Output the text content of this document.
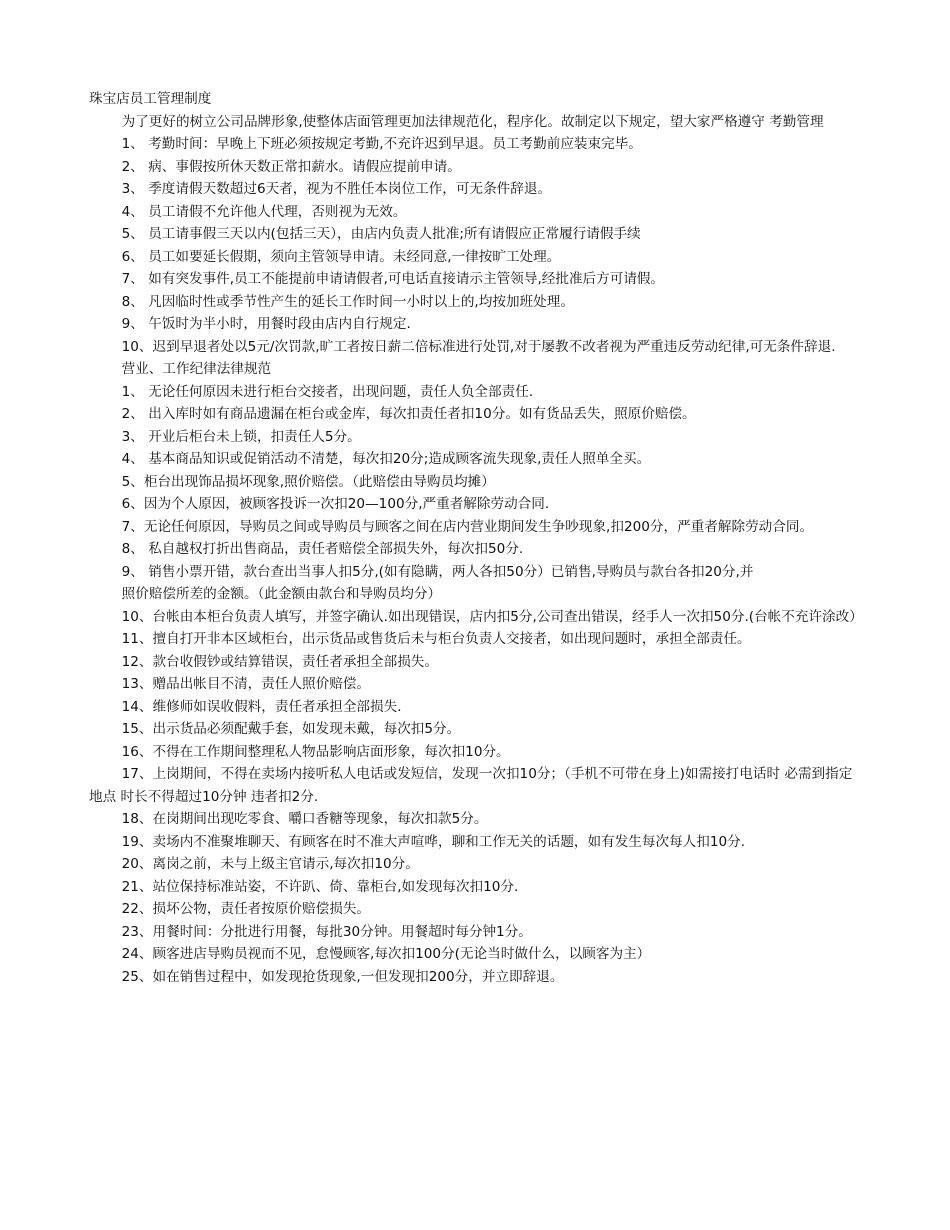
珠宝店员工管理制度

为了更好的树立公司品牌形象,使整体店面管理更加法律规范化，程序化。故制定以下规定，望大家严格遵守 考勤管理

1、 考勤时间：早晚上下班必须按规定考勤,不充许迟到早退。员工考勤前应装束完毕。

2、 病、事假按所休天数正常扣薪水。请假应提前申请。

3、 季度请假天数超过6天者，视为不胜任本岗位工作，可无条件辞退。

4、 员工请假不允许他人代理，否则视为无效。

5、 员工请事假三天以内(包括三天），由店内负责人批准;所有请假应正常履行请假手续

6、 员工如要延长假期，须向主管领导申请。未经同意,一律按旷工处理。

7、 如有突发事件,员工不能提前申请请假者,可电话直接请示主管领导,经批准后方可请假。

8、 凡因临时性或季节性产生的延长工作时间一小时以上的,均按加班处理。

9、 午饭时为半小时，用餐时段由店内自行规定.

10、迟到早退者处以5元/次罚款,旷工者按日薪二倍标准进行处罚,对于屡教不改者视为严重违反劳动纪律,可无条件辞退.

营业、工作纪律法律规范

1、 无论任何原因未进行柜台交接者，出现问题，责任人负全部责任.

2、 出入库时如有商品遗漏在柜台或金库，每次扣责任者扣10分。如有货品丢失，照原价赔偿。

3、 开业后柜台未上锁，扣责任人5分。

4、 基本商品知识或促销活动不清楚，每次扣20分;造成顾客流失现象,责任人照单全买。

5、柜台出现饰品损坏现象,照价赔偿。（此赔偿由导购员均摊）

6、因为个人原因，被顾客投诉一次扣20—100分,严重者解除劳动合同.

7、无论任何原因，导购员之间或导购员与顾客之间在店内营业期间发生争吵现象,扣200分，严重者解除劳动合同。

8、 私自越权打折出售商品，责任者赔偿全部损失外，每次扣50分.

9、 销售小票开错，款台查出当事人扣5分,(如有隐瞒，两人各扣50分）已销售,导购员与款台各扣20分,并

照价赔偿所差的金额。（此金额由款台和导购员均分）

10、台帐由本柜台负责人填写，并签字确认.如出现错误，店内扣5分,公司查出错误，经手人一次扣50分.(台帐不充许涂改）

11、擅自打开非本区域柜台，出示货品或售货后未与柜台负责人交接者，如出现问题时，承担全部责任。

12、款台收假钞或结算错误，责任者承担全部损失。

13、赠品出帐目不清，责任人照价赔偿。

14、维修师如误收假料，责任者承担全部损失.

15、出示货品必须配戴手套，如发现未戴，每次扣5分。

16、不得在工作期间整理私人物品影响店面形象，每次扣10分。

17、上岗期间，不得在卖场内接听私人电话或发短信，发现一次扣10分；（手机不可带在身上)如需接打电话时 必需到指定地点 时长不得超过10分钟 违者扣2分.

18、在岗期间出现吃零食、嚼口香糖等现象，每次扣款5分。

19、卖场内不准聚堆聊天、有顾客在时不准大声喧哗，聊和工作无关的话题，如有发生每次每人扣10分.

20、离岗之前，未与上级主官请示,每次扣10分。

21、站位保持标准站姿，不许趴、倚、靠柜台,如发现每次扣10分.

22、损坏公物，责任者按原价赔偿损失。

23、用餐时间：分批进行用餐，每批30分钟。用餐超时每分钟1分。

24、顾客进店导购员视而不见，怠慢顾客,每次扣100分(无论当时做什么，以顾客为主）

25、如在销售过程中，如发现抢货现象,一但发现扣200分，并立即辞退。
